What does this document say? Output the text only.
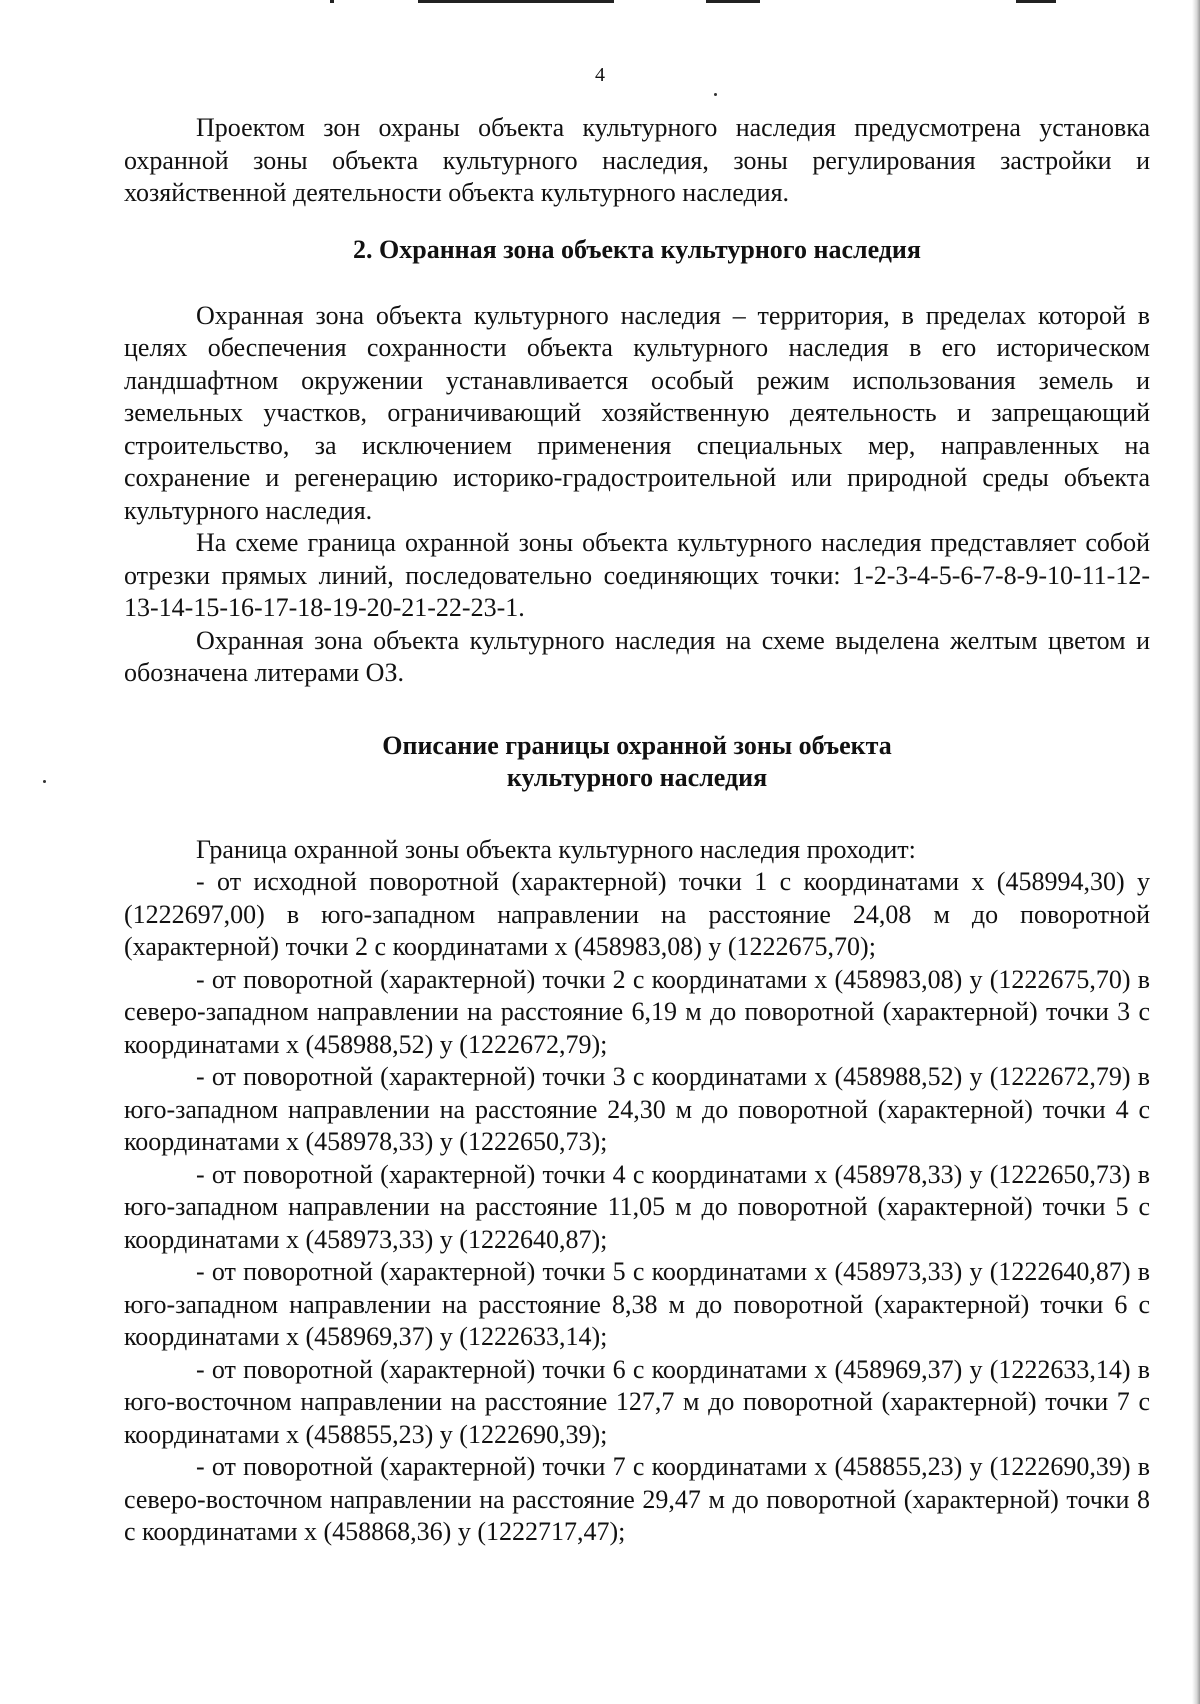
4

Проектом зон охраны объекта культурного наследия предусмотрена установка охранной зоны объекта культурного наследия, зоны регулирования застройки и хозяйственной деятельности объекта культурного наследия.

2. Охранная зона объекта культурного наследия

Охранная зона объекта культурного наследия – территория, в пределах которой в целях обеспечения сохранности объекта культурного наследия в его историческом ландшафтном окружении устанавливается особый режим использования земель и земельных участков, ограничивающий хозяйственную деятельность и запрещающий строительство, за исключением применения специальных мер, направленных на сохранение и регенерацию историко-градостроительной или природной среды объекта культурного наследия.

На схеме граница охранной зоны объекта культурного наследия представляет собой отрезки прямых линий, последовательно соединяющих точки: 1-2-3-4-5-6-7-8-9-10-11-12-13-14-15-16-17-18-19-20-21-22-23-1.

Охранная зона объекта культурного наследия на схеме выделена желтым цветом и обозначена литерами ОЗ.

Описание границы охранной зоны объекта
культурного наследия

Граница охранной зоны объекта культурного наследия проходит:

- от исходной поворотной (характерной) точки 1 с координатами x (458994,30) y (1222697,00) в юго-западном направлении на расстояние 24,08 м до поворотной (характерной) точки 2 с координатами x (458983,08) y (1222675,70);

- от поворотной (характерной) точки 2 с координатами x (458983,08) y (1222675,70) в северо-западном направлении на расстояние 6,19 м до поворотной (характерной) точки 3 с координатами x (458988,52) y (1222672,79);

- от поворотной (характерной) точки 3 с координатами x (458988,52) y (1222672,79) в юго-западном направлении на расстояние 24,30 м до поворотной (характерной) точки 4 с координатами x (458978,33) y (1222650,73);

- от поворотной (характерной) точки 4 с координатами x (458978,33) y (1222650,73) в юго-западном направлении на расстояние 11,05 м до поворотной (характерной) точки 5 с координатами x (458973,33) y (1222640,87);

- от поворотной (характерной) точки 5 с координатами x (458973,33) y (1222640,87) в юго-западном направлении на расстояние 8,38 м до поворотной (характерной) точки 6 с координатами x (458969,37) y (1222633,14);

- от поворотной (характерной) точки 6 с координатами x (458969,37) y (1222633,14) в юго-восточном направлении на расстояние 127,7 м до поворотной (характерной) точки 7 с координатами x (458855,23) y (1222690,39);

- от поворотной (характерной) точки 7 с координатами x (458855,23) y (1222690,39) в северо-восточном направлении на расстояние 29,47 м до поворотной (характерной) точки 8 с координатами x (458868,36) y (1222717,47);
